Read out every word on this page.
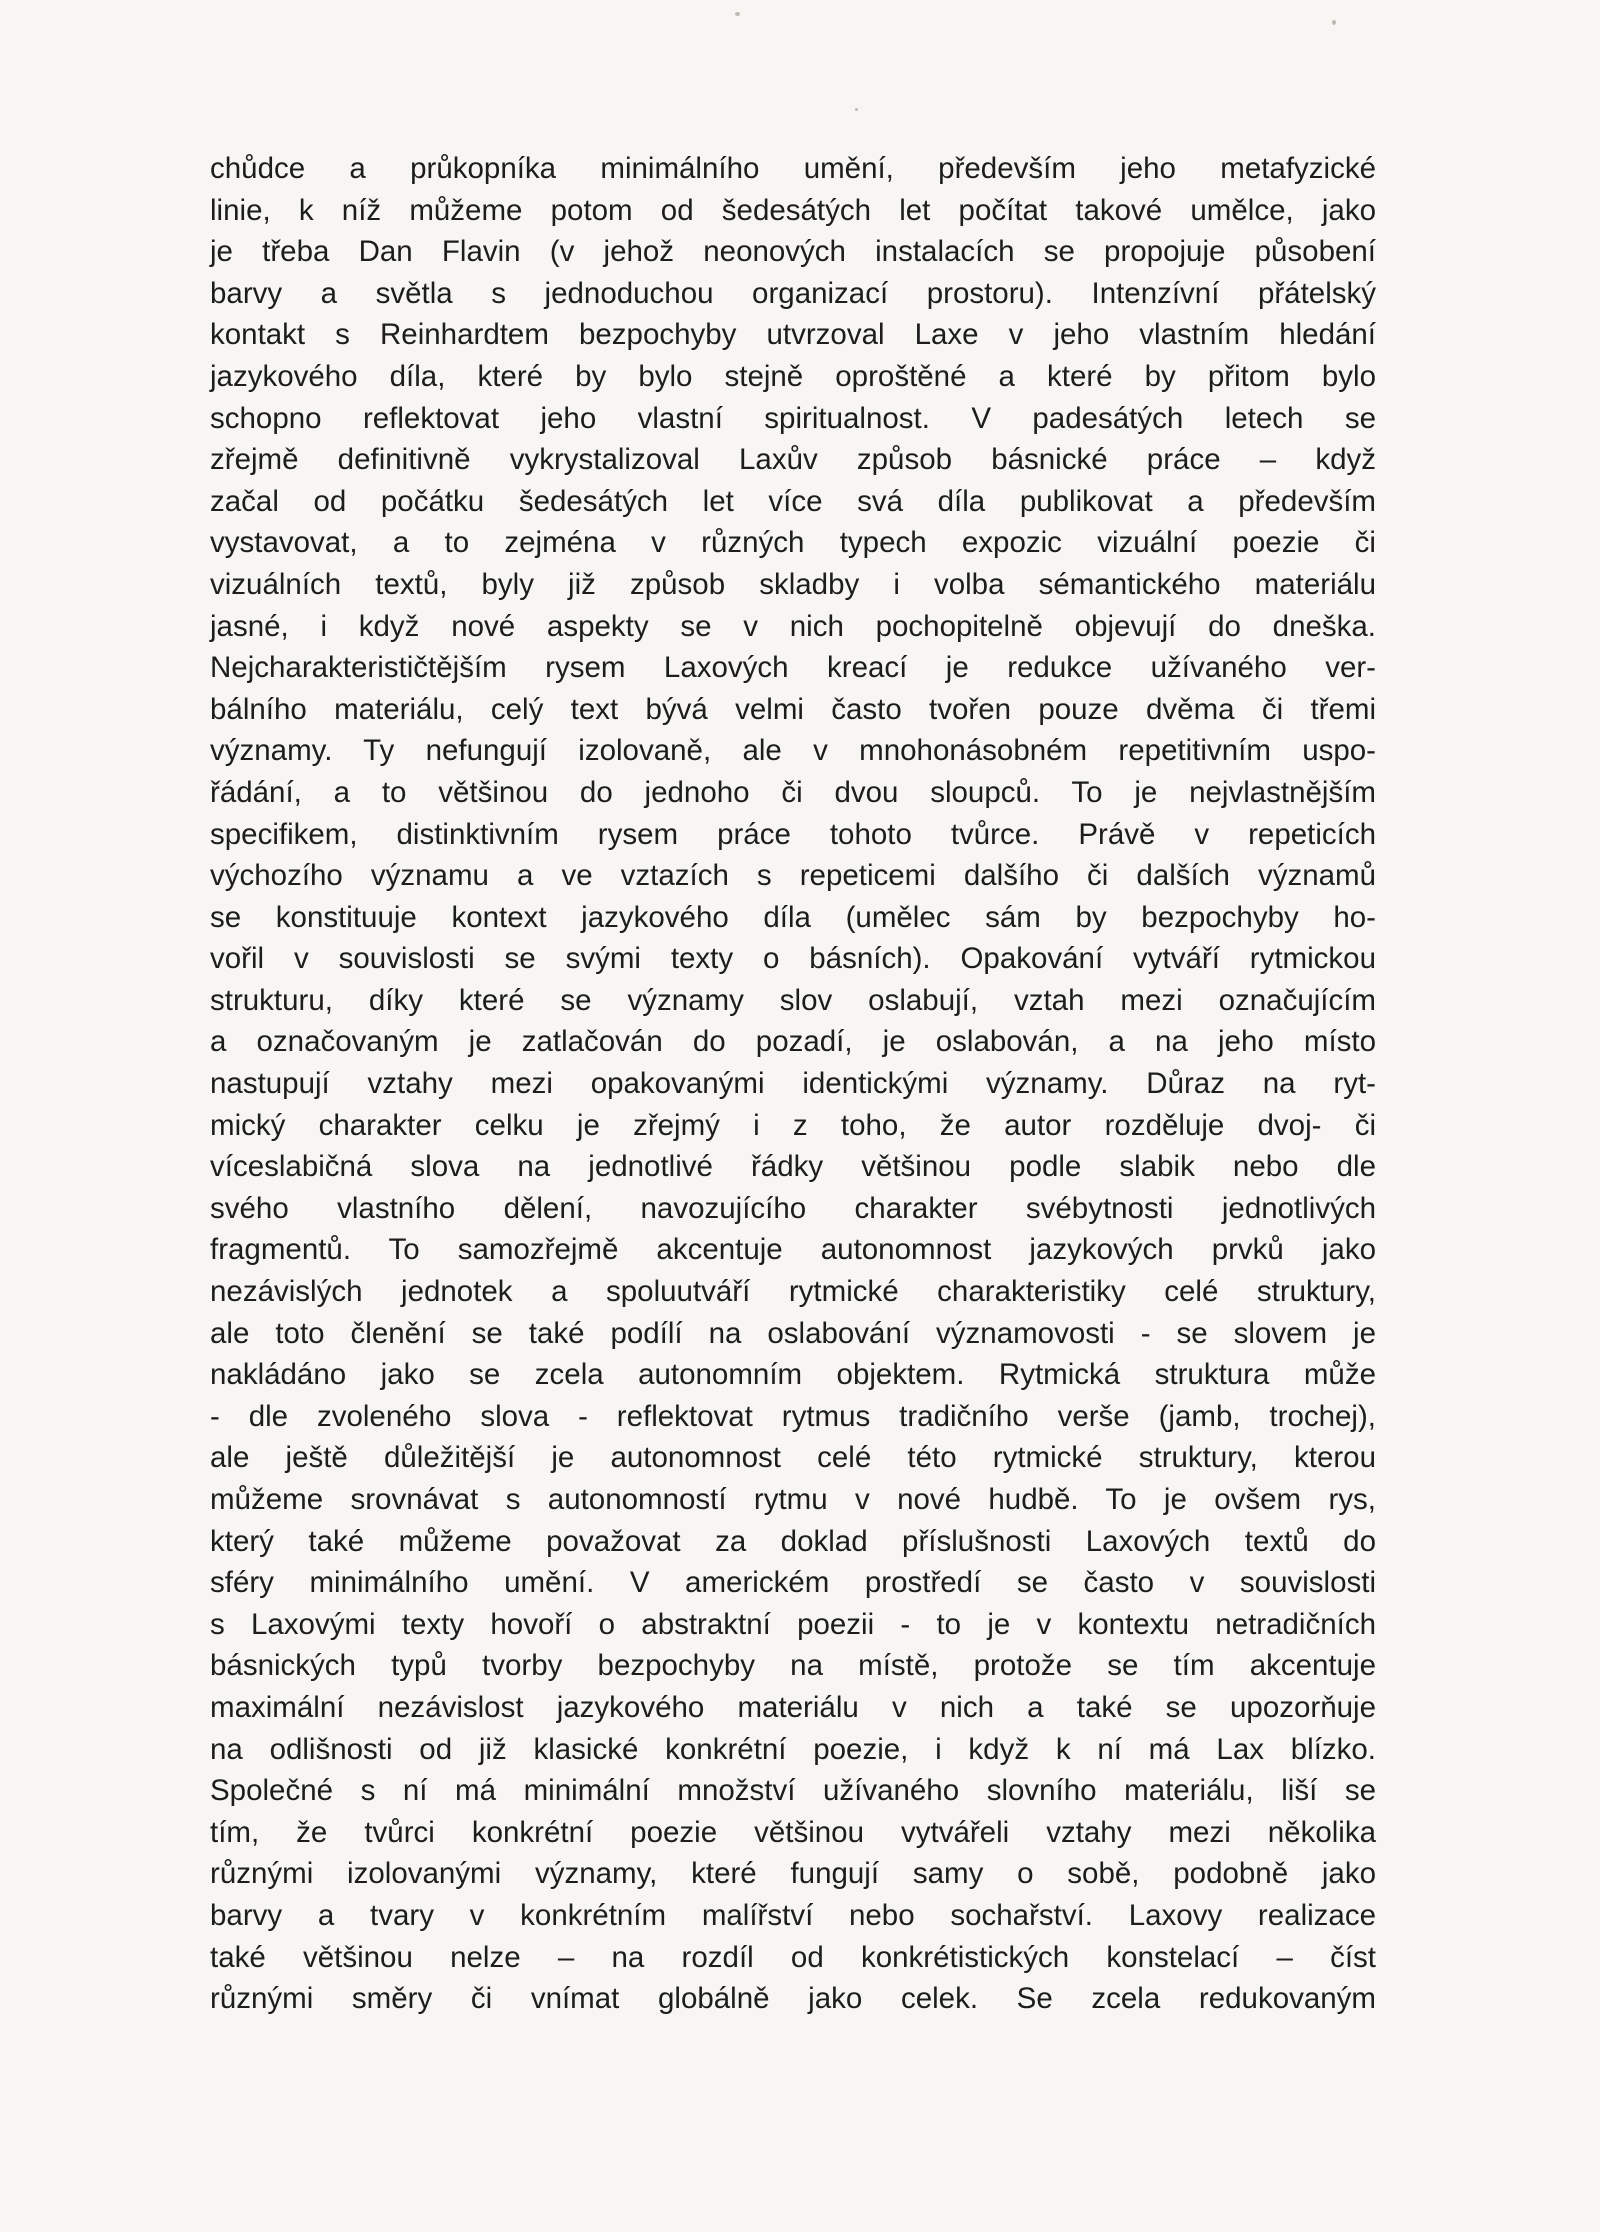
chůdce a průkopníka minimálního umění, především jeho metafyzické
linie, k níž můžeme potom od šedesátých let počítat takové umělce, jako
je třeba Dan Flavin (v jehož neonových instalacích se propojuje působení
barvy a světla s jednoduchou organizací prostoru). Intenzívní přátelský
kontakt s Reinhardtem bezpochyby utvrzoval Laxe v jeho vlastním hledání
jazykového díla, které by bylo stejně oproštěné a které by přitom bylo
schopno reflektovat jeho vlastní spiritualnost. V padesátých letech se
zřejmě definitivně vykrystalizoval Laxův způsob básnické práce – když
začal od počátku šedesátých let více svá díla publikovat a především
vystavovat, a to zejména v různých typech expozic vizuální poezie či
vizuálních textů, byly již způsob skladby i volba sémantického materiálu
jasné, i když nové aspekty se v nich pochopitelně objevují do dneška.
Nejcharakterističtějším rysem Laxových kreací je redukce užívaného ver-
bálního materiálu, celý text bývá velmi často tvořen pouze dvěma či třemi
významy. Ty nefungují izolovaně, ale v mnohonásobném repetitivním uspo-
řádání, a to většinou do jednoho či dvou sloupců. To je nejvlastnějším
specifikem, distinktivním rysem práce tohoto tvůrce. Právě v repeticích
výchozího významu a ve vztazích s repeticemi dalšího či dalších významů
se konstituuje kontext jazykového díla (umělec sám by bezpochyby ho-
vořil v souvislosti se svými texty o básních). Opakování vytváří rytmickou
strukturu, díky které se významy slov oslabují, vztah mezi označujícím
a označovaným je zatlačován do pozadí, je oslabován, a na jeho místo
nastupují vztahy mezi opakovanými identickými významy. Důraz na ryt-
mický charakter celku je zřejmý i z toho, že autor rozděluje dvoj- či
víceslabičná slova na jednotlivé řádky většinou podle slabik nebo dle
svého vlastního dělení, navozujícího charakter svébytnosti jednotlivých
fragmentů. To samozřejmě akcentuje autonomnost jazykových prvků jako
nezávislých jednotek a spoluutváří rytmické charakteristiky celé struktury,
ale toto členění se také podílí na oslabování významovosti - se slovem je
nakládáno jako se zcela autonomním objektem. Rytmická struktura může
- dle zvoleného slova - reflektovat rytmus tradičního verše (jamb, trochej),
ale ještě důležitější je autonomnost celé této rytmické struktury, kterou
můžeme srovnávat s autonomností rytmu v nové hudbě. To je ovšem rys,
který také můžeme považovat za doklad příslušnosti Laxových textů do
sféry minimálního umění. V americkém prostředí se často v souvislosti
s Laxovými texty hovoří o abstraktní poezii - to je v kontextu netradičních
básnických typů tvorby bezpochyby na místě, protože se tím akcentuje
maximální nezávislost jazykového materiálu v nich a také se upozorňuje
na odlišnosti od již klasické konkrétní poezie, i když k ní má Lax blízko.
Společné s ní má minimální množství užívaného slovního materiálu, liší se
tím, že tvůrci konkrétní poezie většinou vytvářeli vztahy mezi několika
různými izolovanými významy, které fungují samy o sobě, podobně jako
barvy a tvary v konkrétním malířství nebo sochařství. Laxovy realizace
také většinou nelze – na rozdíl od konkrétistických konstelací – číst
různými směry či vnímat globálně jako celek. Se zcela redukovaným
